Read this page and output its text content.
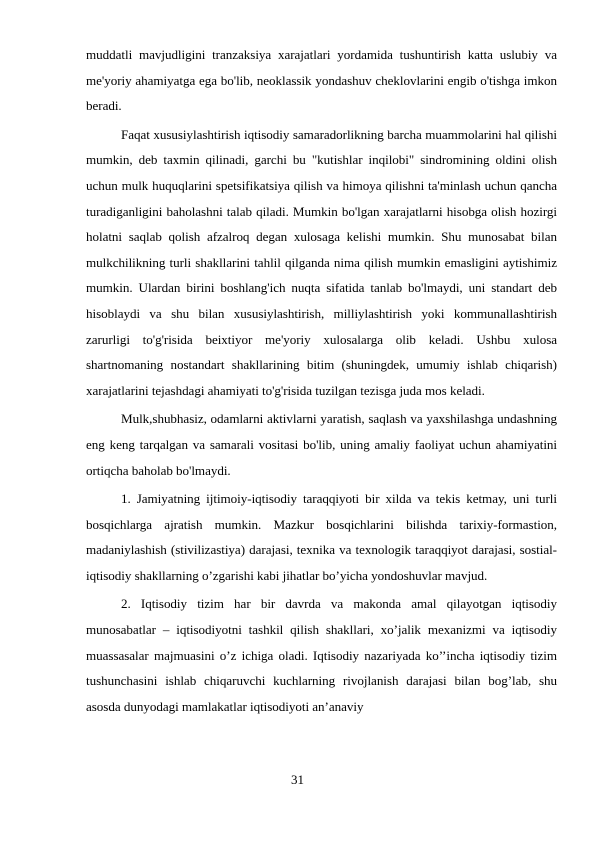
muddatli mavjudligini tranzaksiya xarajatlari yordamida tushuntirish katta uslubiy va me'yoriy ahamiyatga ega bo'lib, neoklassik yondashuv cheklovlarini engib o'tishga imkon beradi.

Faqat xususiylashtirish iqtisodiy samaradorlikning barcha muammolarini hal qilishi mumkin, deb taxmin qilinadi, garchi bu "kutishlar inqilobi" sindromining oldini olish uchun mulk huquqlarini spetsifikatsiya qilish va himoya qilishni ta'minlash uchun qancha turadiganligini baholashni talab qiladi. Mumkin bo'lgan xarajatlarni hisobga olish hozirgi holatni saqlab qolish afzalroq degan xulosaga kelishi mumkin. Shu munosabat bilan mulkchilikning turli shakllarini tahlil qilganda nima qilish mumkin emasligini aytishimiz mumkin. Ulardan birini boshlang'ich nuqta sifatida tanlab bo'lmaydi, uni standart deb hisoblaydi va shu bilan xususiylashtirish, milliylashtirish yoki kommunallashtirish zarurligi to'g'risida beixtiyor me'yoriy xulosalarga olib keladi. Ushbu xulosa shartnomaning nostandart shakllarining bitim (shuningdek, umumiy ishlab chiqarish) xarajatlarini tejashdagi ahamiyati to'g'risida tuzilgan tezisga juda mos keladi.

Mulk,shubhasiz, odamlarni aktivlarni yaratish, saqlash va yaxshilashga undashning eng keng tarqalgan va samarali vositasi bo'lib, uning amaliy faoliyat uchun ahamiyatini ortiqcha baholab bo'lmaydi.

1. Jamiyatning ijtimoiy-iqtisodiy taraqqiyoti bir xilda va tekis ketmay, uni turli bosqichlarga ajratish mumkin. Mazkur bosqichlarini bilishda tarixiy-formastion, madaniylashish (stivilizastiya) darajasi, texnika va texnologik taraqqiyot darajasi, sostial-iqtisodiy shakllarning o’zgarishi kabi jihatlar bo’yicha yondoshuvlar mavjud.

2. Iqtisodiy tizim har bir davrda va makonda amal qilayotgan iqtisodiy munosabatlar – iqtisodiyotni tashkil qilish shakllari, xo’jalik mexanizmi va iqtisodiy muassasalar majmuasini o’z ichiga oladi. Iqtisodiy nazariyada ko’’incha iqtisodiy tizim tushunchasini ishlab chiqaruvchi kuchlarning rivojlanish darajasi bilan bog’lab, shu asosda dunyodagi mamlakatlar iqtisodiyoti an’anaviy

31
